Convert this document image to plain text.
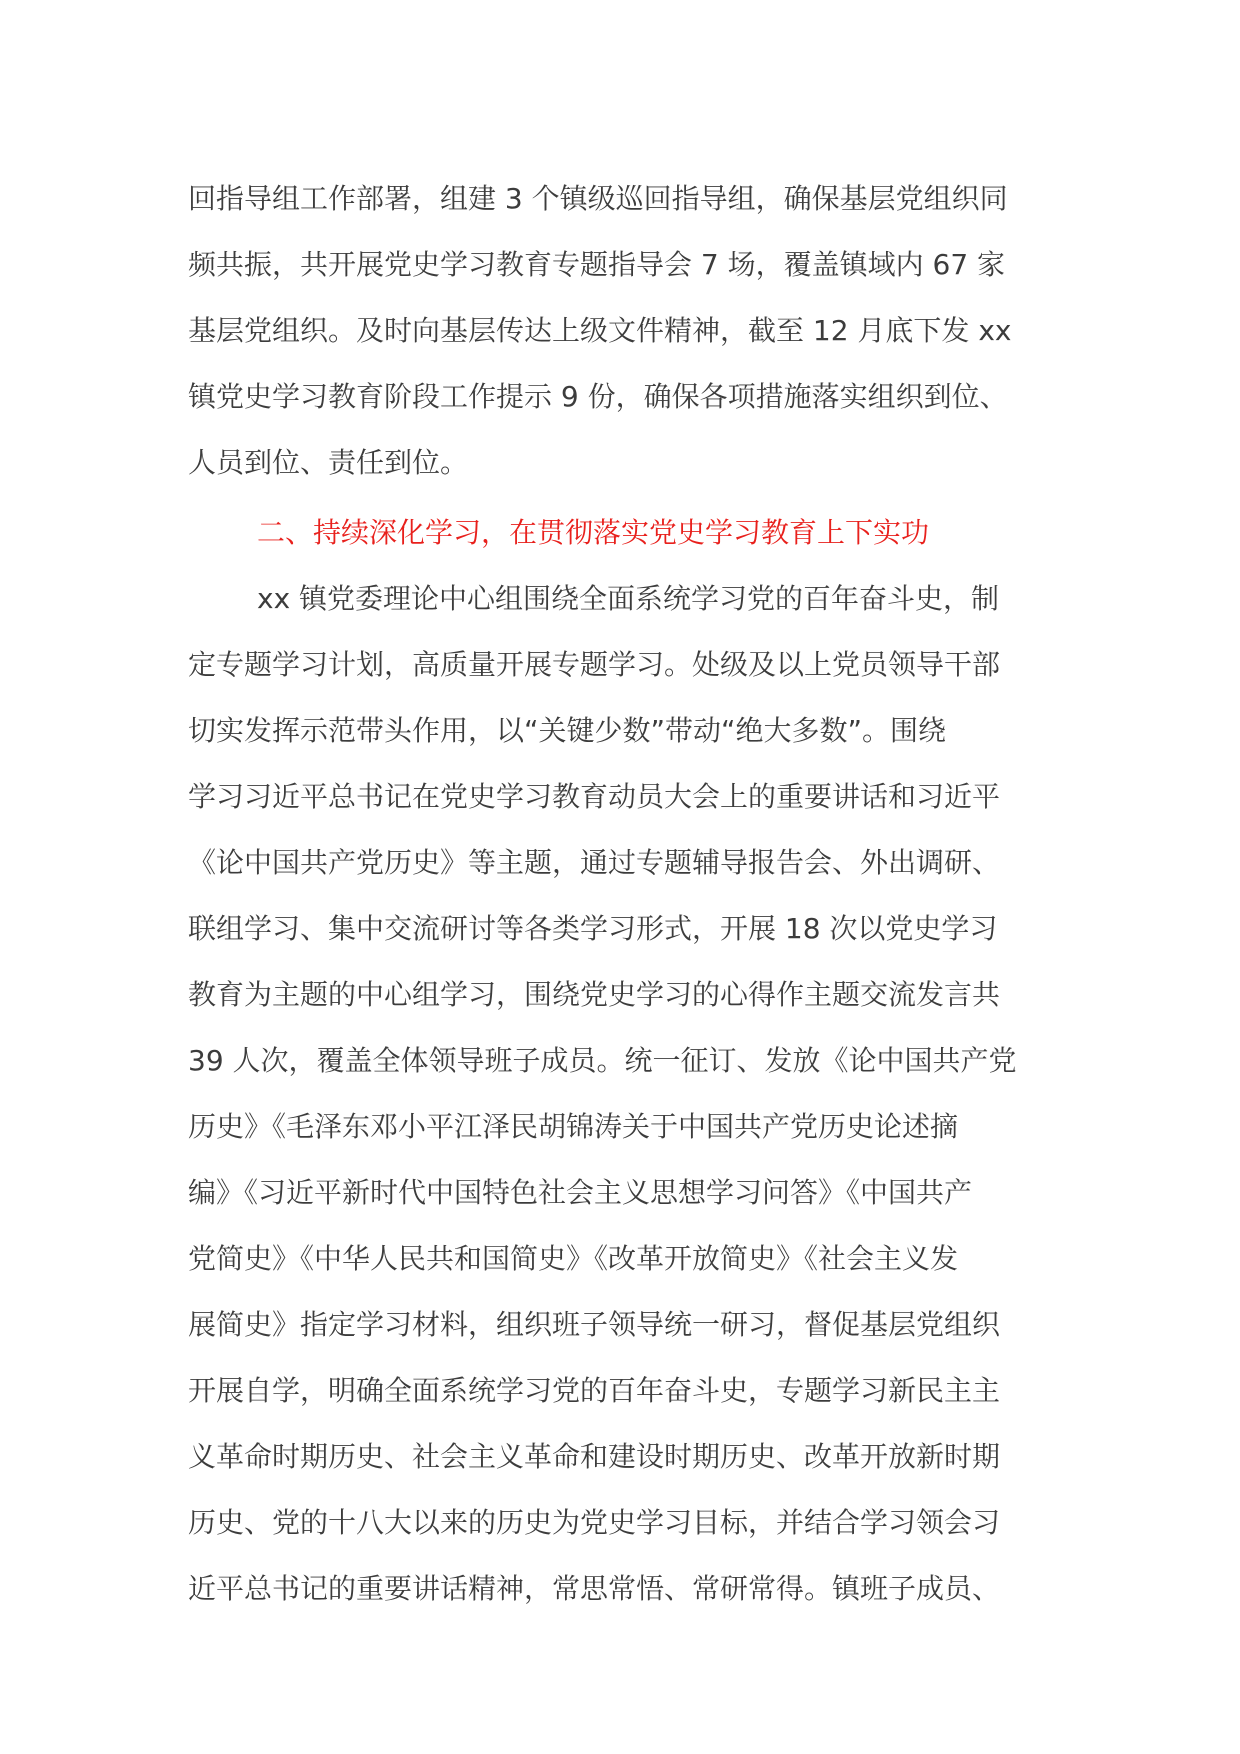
回指导组工作部署，组建 3 个镇级巡回指导组，确保基层党组织同
频共振，共开展党史学习教育专题指导会 7 场，覆盖镇域内 67 家
基层党组织。及时向基层传达上级文件精神，截至 12 月底下发 xx
镇党史学习教育阶段工作提示 9 份，确保各项措施落实组织到位、
人员到位、责任到位。
二、持续深化学习，在贯彻落实党史学习教育上下实功
xx 镇党委理论中心组围绕全面系统学习党的百年奋斗史，制
定专题学习计划，高质量开展专题学习。处级及以上党员领导干部
切实发挥示范带头作用，以“关键少数”带动“绝大多数”。围绕
学习习近平总书记在党史学习教育动员大会上的重要讲话和习近平
《论中国共产党历史》等主题，通过专题辅导报告会、外出调研、
联组学习、集中交流研讨等各类学习形式，开展 18 次以党史学习
教育为主题的中心组学习，围绕党史学习的心得作主题交流发言共
39 人次，覆盖全体领导班子成员。统一征订、发放《论中国共产党
历史》《毛泽东邓小平江泽民胡锦涛关于中国共产党历史论述摘
编》《习近平新时代中国特色社会主义思想学习问答》《中国共产
党简史》《中华人民共和国简史》《改革开放简史》《社会主义发
展简史》指定学习材料，组织班子领导统一研习，督促基层党组织
开展自学，明确全面系统学习党的百年奋斗史，专题学习新民主主
义革命时期历史、社会主义革命和建设时期历史、改革开放新时期
历史、党的十八大以来的历史为党史学习目标，并结合学习领会习
近平总书记的重要讲话精神，常思常悟、常研常得。镇班子成员、
